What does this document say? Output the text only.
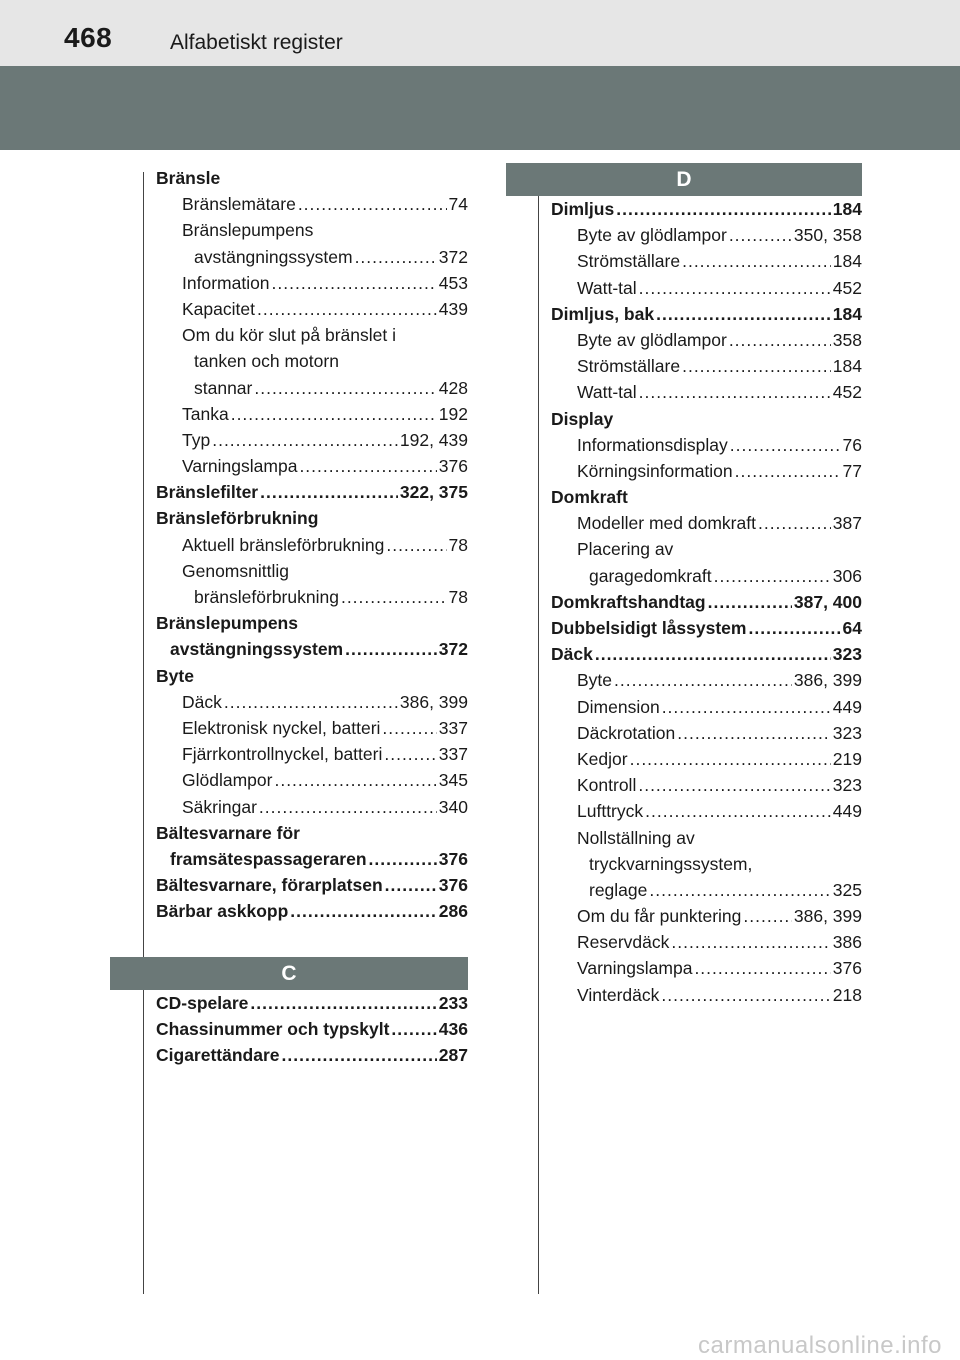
468	Alfabetiskt register
Bränsle
Bränslemätare .....	74
Bränslepumpens
avstängningssystem .....	372
Information .....	453
Kapacitet .....	439
Om du kör slut på bränslet i
tanken och motorn
stannar .....	428
Tanka .....	192
Typ .....	192, 439
Varningslampa .....	376
Bränslefilter .....	322, 375
Bränsleförbrukning
Aktuell bränsleförbrukning .....	78
Genomsnittlig
bränsleförbrukning .....	78
Bränslepumpens
avstängningssystem .....	372
Byte
Däck .....	386, 399
Elektronisk nyckel, batteri .....	337
Fjärrkontrollnyckel, batteri .....	337
Glödlampor .....	345
Säkringar .....	340
Bältesvarnare för
framsätespassageraren .....	376
Bältesvarnare, förarplatsen .....	376
Bärbar askkopp .....	286
C
CD-spelare .....	233
Chassinummer och typskylt .....	436
Cigarettändare .....	287
D
Dimljus .....	184
Byte av glödlampor .....	350, 358
Strömställare .....	184
Watt-tal .....	452
Dimljus, bak .....	184
Byte av glödlampor .....	358
Strömställare .....	184
Watt-tal .....	452
Display
Informationsdisplay .....	76
Körningsinformation .....	77
Domkraft
Modeller med domkraft .....	387
Placering av
garagedomkraft .....	306
Domkraftshandtag .....	387, 400
Dubbelsidigt låssystem .....	64
Däck .....	323
Byte .....	386, 399
Dimension .....	449
Däckrotation .....	323
Kedjor .....	219
Kontroll .....	323
Lufttryck .....	449
Nollställning av
tryckvarningssystem,
reglage .....	325
Om du får punktering .....	386, 399
Reservdäck .....	386
Varningslampa .....	376
Vinterdäck .....	218
carmanualsonline.info
